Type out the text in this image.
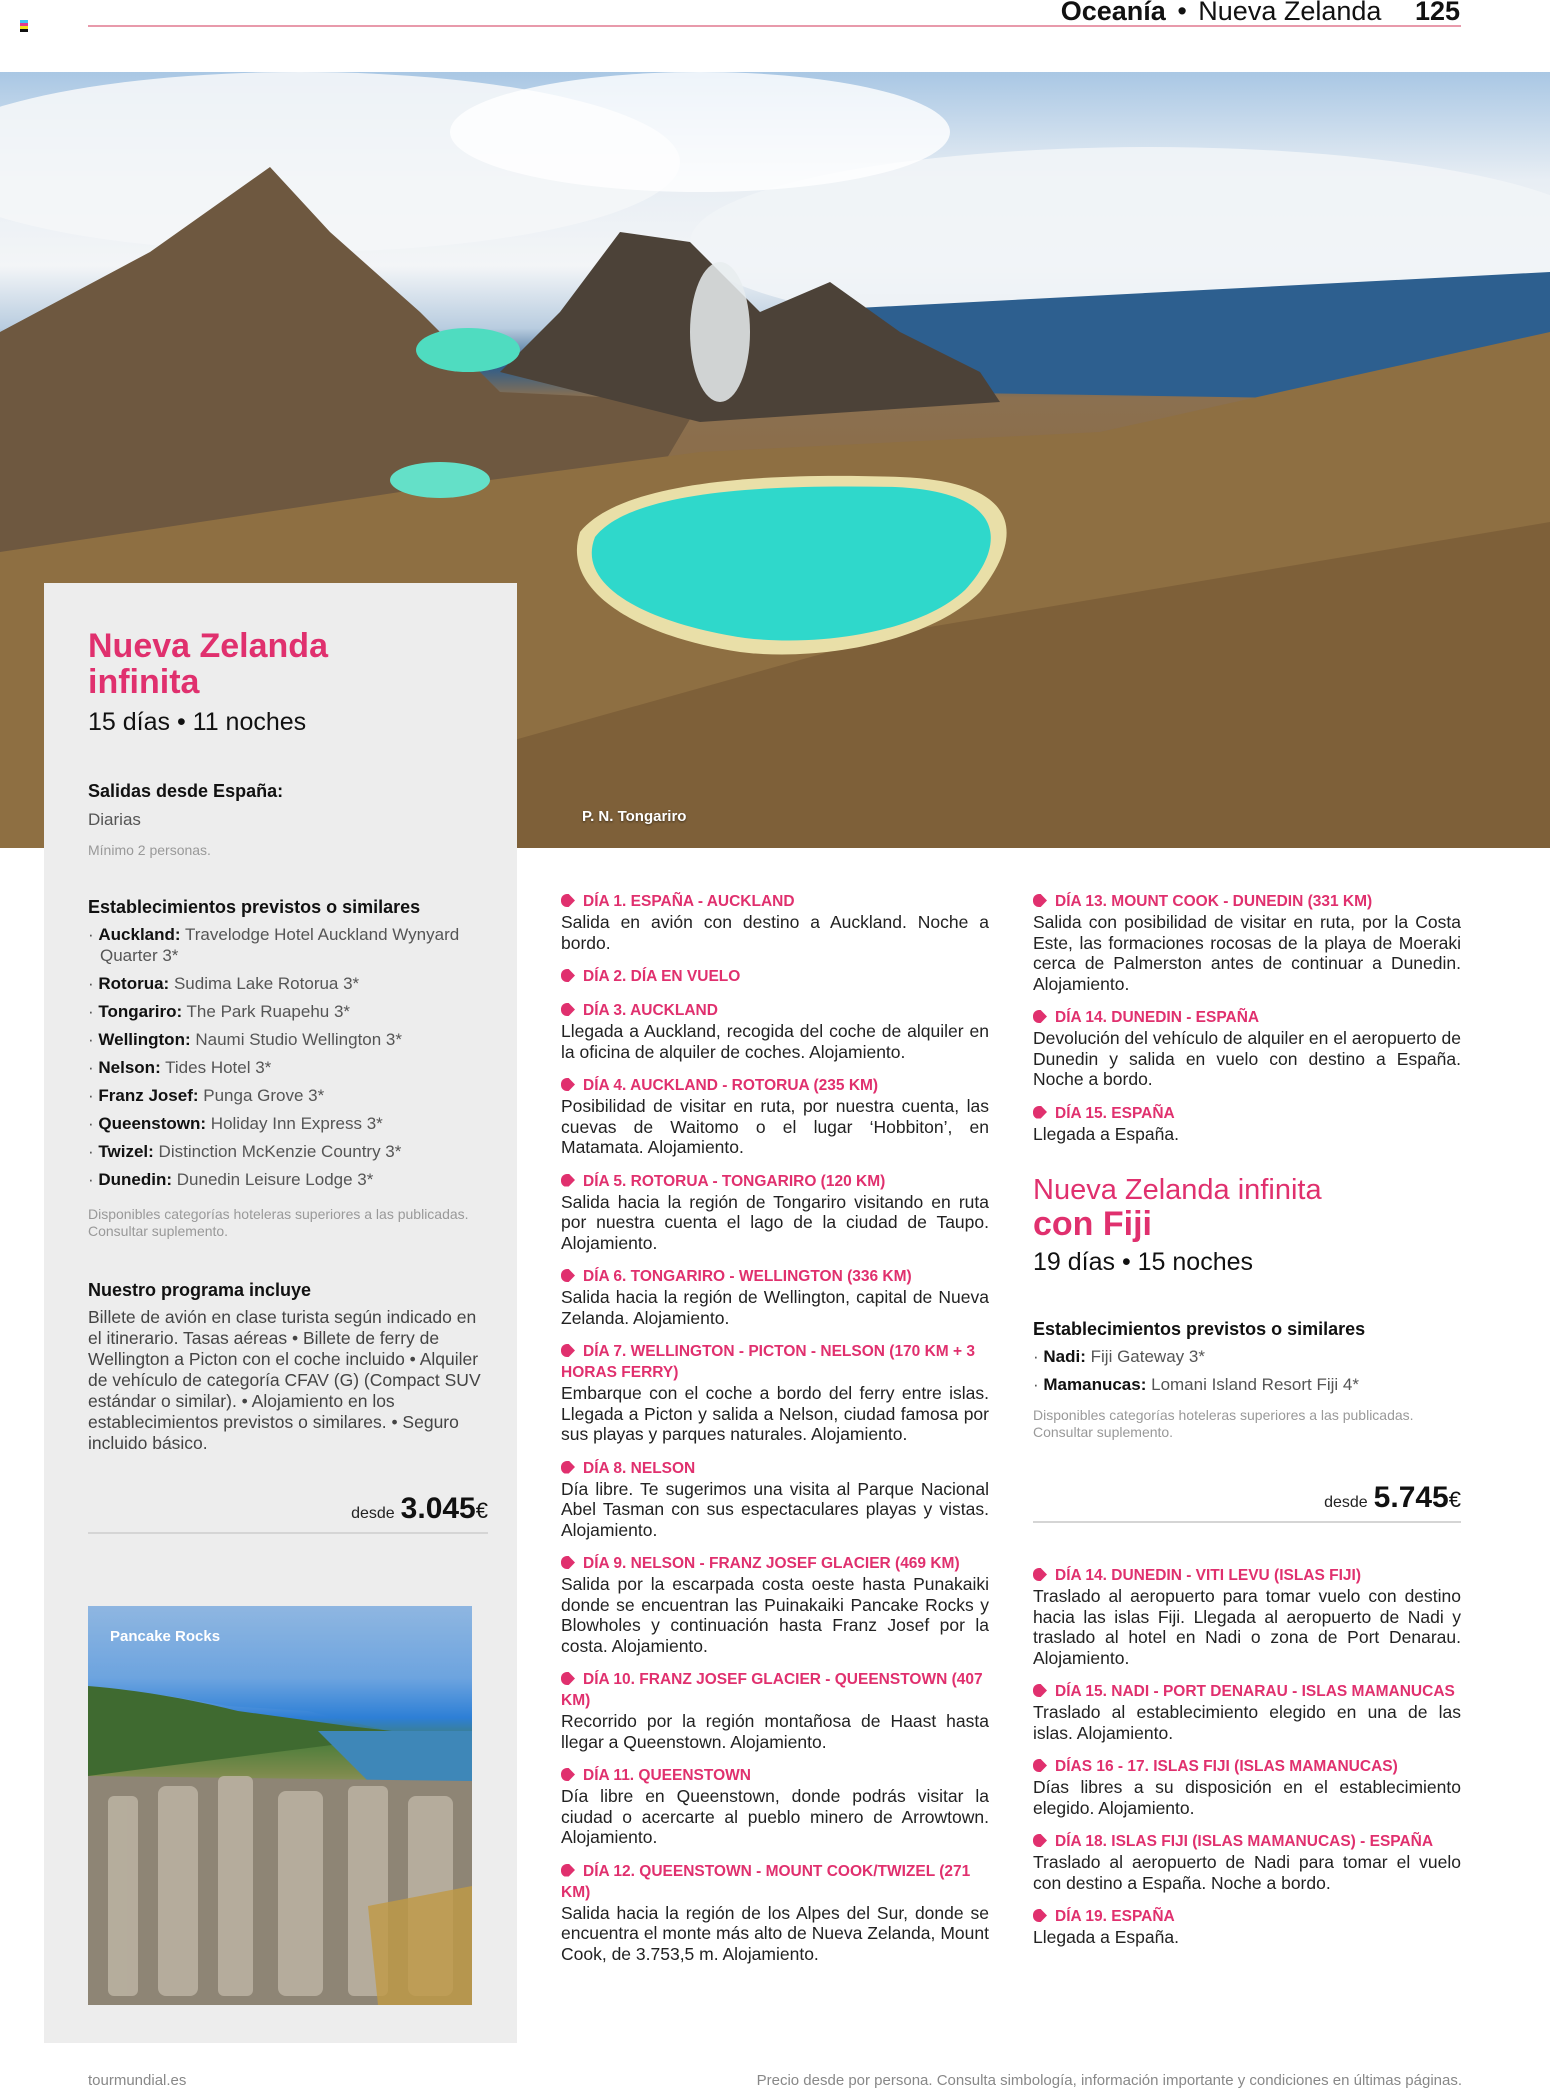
Oceanía • Nueva Zelanda 125
P. N. Tongariro
Nueva Zelanda
infinita
15 días • 11 noches
Salidas desde España:
Diarias
Mínimo 2 personas.
Establecimientos previstos o similares
· Auckland: Travelodge Hotel Auckland Wynyard Quarter 3*
· Rotorua: Sudima Lake Rotorua 3*
· Tongariro: The Park Ruapehu 3*
· Wellington: Naumi Studio Wellington 3*
· Nelson: Tides Hotel 3*
· Franz Josef: Punga Grove 3*
· Queenstown: Holiday Inn Express 3*
· Twizel: Distinction McKenzie Country 3*
· Dunedin: Dunedin Leisure Lodge 3*
Disponibles categorías hoteleras superiores a las publicadas. Consultar suplemento.
Nuestro programa incluye
Billete de avión en clase turista según indicado en el itinerario. Tasas aéreas • Billete de ferry de Wellington a Picton con el coche incluido • Alquiler de vehículo de categoría CFAV (G) (Compact SUV estándar o similar). • Alojamiento en los establecimientos previstos o similares. • Seguro incluido básico.
desde 3.045€
Pancake Rocks
DÍA 1. ESPAÑA - AUCKLAND
Salida en avión con destino a Auckland. Noche a bordo.
DÍA 2. DÍA EN VUELO
DÍA 3. AUCKLAND
Llegada a Auckland, recogida del coche de alquiler en la oficina de alquiler de coches. Alojamiento.
DÍA 4. AUCKLAND - ROTORUA (235 KM)
Posibilidad de visitar en ruta, por nuestra cuenta, las cuevas de Waitomo o el lugar ‘Hobbiton’, en Matamata. Alojamiento.
DÍA 5. ROTORUA - TONGARIRO (120 KM)
Salida hacia la región de Tongariro visitando en ruta por nuestra cuenta el lago de la ciudad de Taupo. Alojamiento.
DÍA 6. TONGARIRO - WELLINGTON (336 KM)
Salida hacia la región de Wellington, capital de Nueva Zelanda. Alojamiento.
DÍA 7. WELLINGTON - PICTON - NELSON (170 KM + 3 HORAS FERRY)
Embarque con el coche a bordo del ferry entre islas. Llegada a Picton y salida a Nelson, ciudad famosa por sus playas y parques naturales. Alojamiento.
DÍA 8. NELSON
Día libre. Te sugerimos una visita al Parque Nacional Abel Tasman con sus espectaculares playas y vistas. Alojamiento.
DÍA 9. NELSON - FRANZ JOSEF GLACIER (469 KM)
Salida por la escarpada costa oeste hasta Punakaiki donde se encuentran las Puinakaiki Pancake Rocks y Blowholes y continuación hasta Franz Josef por la costa. Alojamiento.
DÍA 10. FRANZ JOSEF GLACIER - QUEENSTOWN (407 KM)
Recorrido por la región montañosa de Haast hasta llegar a Queenstown. Alojamiento.
DÍA 11. QUEENSTOWN
Día libre en Queenstown, donde podrás visitar la ciudad o acercarte al pueblo minero de Arrowtown. Alojamiento.
DÍA 12. QUEENSTOWN - MOUNT COOK/TWIZEL (271 KM)
Salida hacia la región de los Alpes del Sur, donde se encuentra el monte más alto de Nueva Zelanda, Mount Cook, de 3.753,5 m. Alojamiento.
DÍA 13. MOUNT COOK - DUNEDIN (331 KM)
Salida con posibilidad de visitar en ruta, por la Costa Este, las formaciones rocosas de la playa de Moeraki cerca de Palmerston antes de continuar a Dunedin. Alojamiento.
DÍA 14. DUNEDIN - ESPAÑA
Devolución del vehículo de alquiler en el aeropuerto de Dunedin y salida en vuelo con destino a España. Noche a bordo.
DÍA 15. ESPAÑA
Llegada a España.
Nueva Zelanda infinita
con Fiji
19 días • 15 noches
Establecimientos previstos o similares
· Nadi: Fiji Gateway 3*
· Mamanucas: Lomani Island Resort Fiji 4*
Disponibles categorías hoteleras superiores a las publicadas. Consultar suplemento.
desde 5.745€
DÍA 14. DUNEDIN - VITI LEVU (ISLAS FIJI)
Traslado al aeropuerto para tomar vuelo con destino hacia las islas Fiji. Llegada al aeropuerto de Nadi y traslado al hotel en Nadi o zona de Port Denarau. Alojamiento.
DÍA 15. NADI - PORT DENARAU - ISLAS MAMANUCAS
Traslado al establecimiento elegido en una de las islas. Alojamiento.
DÍAS 16 - 17. ISLAS FIJI (ISLAS MAMANUCAS)
Días libres a su disposición en el establecimiento elegido. Alojamiento.
DÍA 18. ISLAS FIJI (ISLAS MAMANUCAS) - ESPAÑA
Traslado al aeropuerto de Nadi para tomar el vuelo con destino a España. Noche a bordo.
DÍA 19. ESPAÑA
Llegada a España.
tourmundial.es	Precio desde por persona. Consulta simbología, información importante y condiciones en últimas páginas.
